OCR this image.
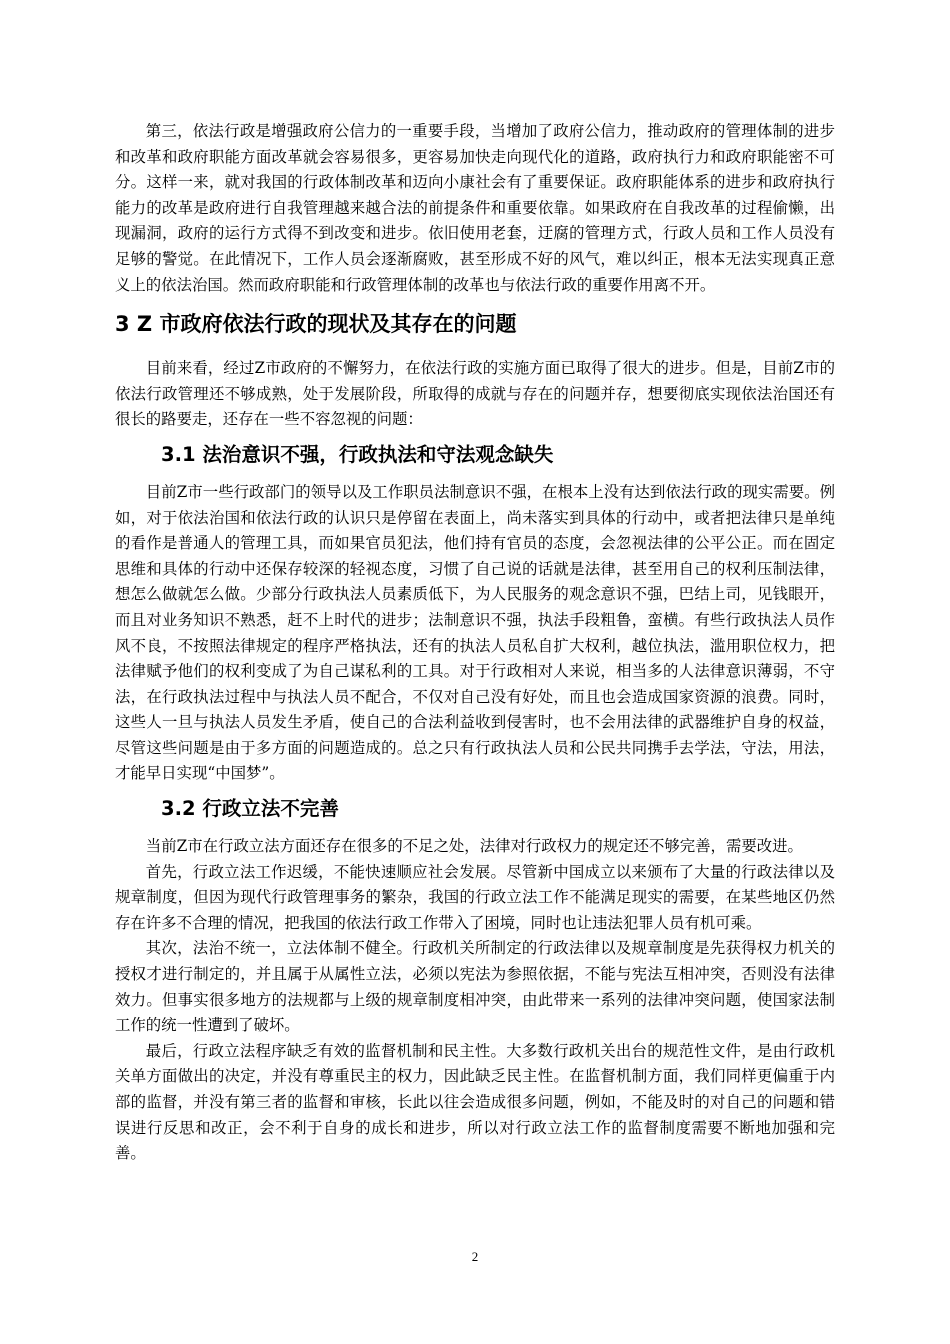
第三，依法行政是增强政府公信力的一重要手段，当增加了政府公信力，推动政府的管理体制的进步和改革和政府职能方面改革就会容易很多，更容易加快走向现代化的道路，政府执行力和政府职能密不可分。这样一来，就对我国的行政体制改革和迈向小康社会有了重要保证。政府职能体系的进步和政府执行能力的改革是政府进行自我管理越来越合法的前提条件和重要依靠。如果政府在自我改革的过程偷懒，出现漏洞，政府的运行方式得不到改变和进步。依旧使用老套，迂腐的管理方式，行政人员和工作人员没有足够的警觉。在此情况下，工作人员会逐渐腐败，甚至形成不好的风气，难以纠正，根本无法实现真正意义上的依法治国。然而政府职能和行政管理体制的改革也与依法行政的重要作用离不开。

3 Z 市政府依法行政的现状及其存在的问题

目前来看，经过Z市政府的不懈努力，在依法行政的实施方面已取得了很大的进步。但是，目前Z市的依法行政管理还不够成熟，处于发展阶段，所取得的成就与存在的问题并存，想要彻底实现依法治国还有很长的路要走，还存在一些不容忽视的问题：

3.1 法治意识不强，行政执法和守法观念缺失

目前Z市一些行政部门的领导以及工作职员法制意识不强，在根本上没有达到依法行政的现实需要。例如，对于依法治国和依法行政的认识只是停留在表面上，尚未落实到具体的行动中，或者把法律只是单纯的看作是普通人的管理工具，而如果官员犯法，他们持有官员的态度，会忽视法律的公平公正。而在固定思维和具体的行动中还保存较深的轻视态度，习惯了自己说的话就是法律，甚至用自己的权利压制法律，想怎么做就怎么做。少部分行政执法人员素质低下，为人民服务的观念意识不强，巴结上司，见钱眼开，而且对业务知识不熟悉，赶不上时代的进步；法制意识不强，执法手段粗鲁，蛮横。有些行政执法人员作风不良，不按照法律规定的程序严格执法，还有的执法人员私自扩大权利，越位执法，滥用职位权力，把法律赋予他们的权利变成了为自己谋私利的工具。对于行政相对人来说，相当多的人法律意识薄弱，不守法，在行政执法过程中与执法人员不配合，不仅对自己没有好处，而且也会造成国家资源的浪费。同时，这些人一旦与执法人员发生矛盾，使自己的合法利益收到侵害时，也不会用法律的武器维护自身的权益，尽管这些问题是由于多方面的问题造成的。总之只有行政执法人员和公民共同携手去学法，守法，用法，才能早日实现“中国梦”。

3.2 行政立法不完善

当前Z市在行政立法方面还存在很多的不足之处，法律对行政权力的规定还不够完善，需要改进。

首先，行政立法工作迟缓，不能快速顺应社会发展。尽管新中国成立以来颁布了大量的行政法律以及规章制度，但因为现代行政管理事务的繁杂，我国的行政立法工作不能满足现实的需要，在某些地区仍然存在许多不合理的情况，把我国的依法行政工作带入了困境，同时也让违法犯罪人员有机可乘。

其次，法治不统一，立法体制不健全。行政机关所制定的行政法律以及规章制度是先获得权力机关的授权才进行制定的，并且属于从属性立法，必须以宪法为参照依据，不能与宪法互相冲突，否则没有法律效力。但事实很多地方的法规都与上级的规章制度相冲突，由此带来一系列的法律冲突问题，使国家法制工作的统一性遭到了破坏。

最后，行政立法程序缺乏有效的监督机制和民主性。大多数行政机关出台的规范性文件，是由行政机关单方面做出的决定，并没有尊重民主的权力，因此缺乏民主性。在监督机制方面，我们同样更偏重于内部的监督，并没有第三者的监督和审核，长此以往会造成很多问题，例如，不能及时的对自己的问题和错误进行反思和改正，会不利于自身的成长和进步，所以对行政立法工作的监督制度需要不断地加强和完善。

2
